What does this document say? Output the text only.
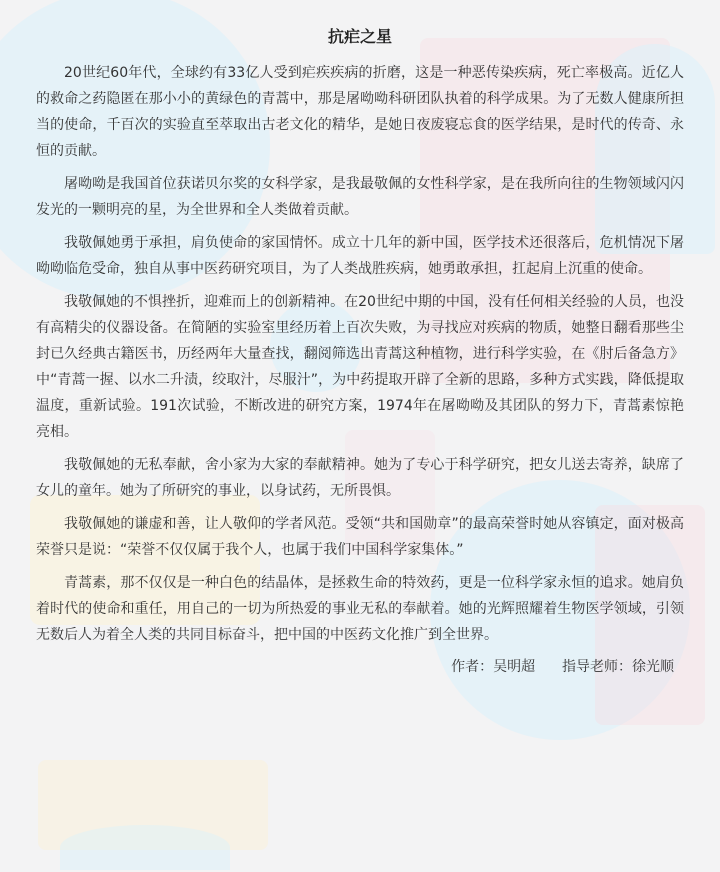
抗疟之星

20世纪60年代，全球约有33亿人受到疟疾疾病的折磨，这是一种恶传染疾病，死亡率极高。近亿人的救命之药隐匿在那小小的黄绿色的青蒿中，那是屠呦呦科研团队执着的科学成果。为了无数人健康所担当的使命，千百次的实验直至萃取出古老文化的精华，是她日夜废寝忘食的医学结果，是时代的传奇、永恒的贡献。

屠呦呦是我国首位获诺贝尔奖的女科学家，是我最敬佩的女性科学家，是在我所向往的生物领域闪闪发光的一颗明亮的星，为全世界和全人类做着贡献。

我敬佩她勇于承担，肩负使命的家国情怀。成立十几年的新中国，医学技术还很落后，危机情况下屠呦呦临危受命，独自从事中医药研究项目，为了人类战胜疾病，她勇敢承担，扛起肩上沉重的使命。

我敬佩她的不惧挫折，迎难而上的创新精神。在20世纪中期的中国，没有任何相关经验的人员，也没有高精尖的仪器设备。在简陋的实验室里经历着上百次失败，为寻找应对疾病的物质，她整日翻看那些尘封已久经典古籍医书，历经两年大量查找，翻阅筛选出青蒿这种植物，进行科学实验，在《肘后备急方》中“青蒿一握、以水二升渍，绞取汁，尽服汁”，为中药提取开辟了全新的思路，多种方式实践，降低提取温度，重新试验。191次试验，不断改进的研究方案，1974年在屠呦呦及其团队的努力下，青蒿素惊艳亮相。

我敬佩她的无私奉献，舍小家为大家的奉献精神。她为了专心于科学研究，把女儿送去寄养，缺席了女儿的童年。她为了所研究的事业，以身试药，无所畏惧。

我敬佩她的谦虚和善，让人敬仰的学者风范。受领“共和国勋章”的最高荣誉时她从容镇定，面对极高荣誉只是说：“荣誉不仅仅属于我个人，也属于我们中国科学家集体。”

青蒿素，那不仅仅是一种白色的结晶体，是拯救生命的特效药，更是一位科学家永恒的追求。她肩负着时代的使命和重任，用自己的一切为所热爱的事业无私的奉献着。她的光辉照耀着生物医学领域，引领无数后人为着全人类的共同目标奋斗，把中国的中医药文化推广到全世界。

作者：吴明超 指导老师：徐光顺
